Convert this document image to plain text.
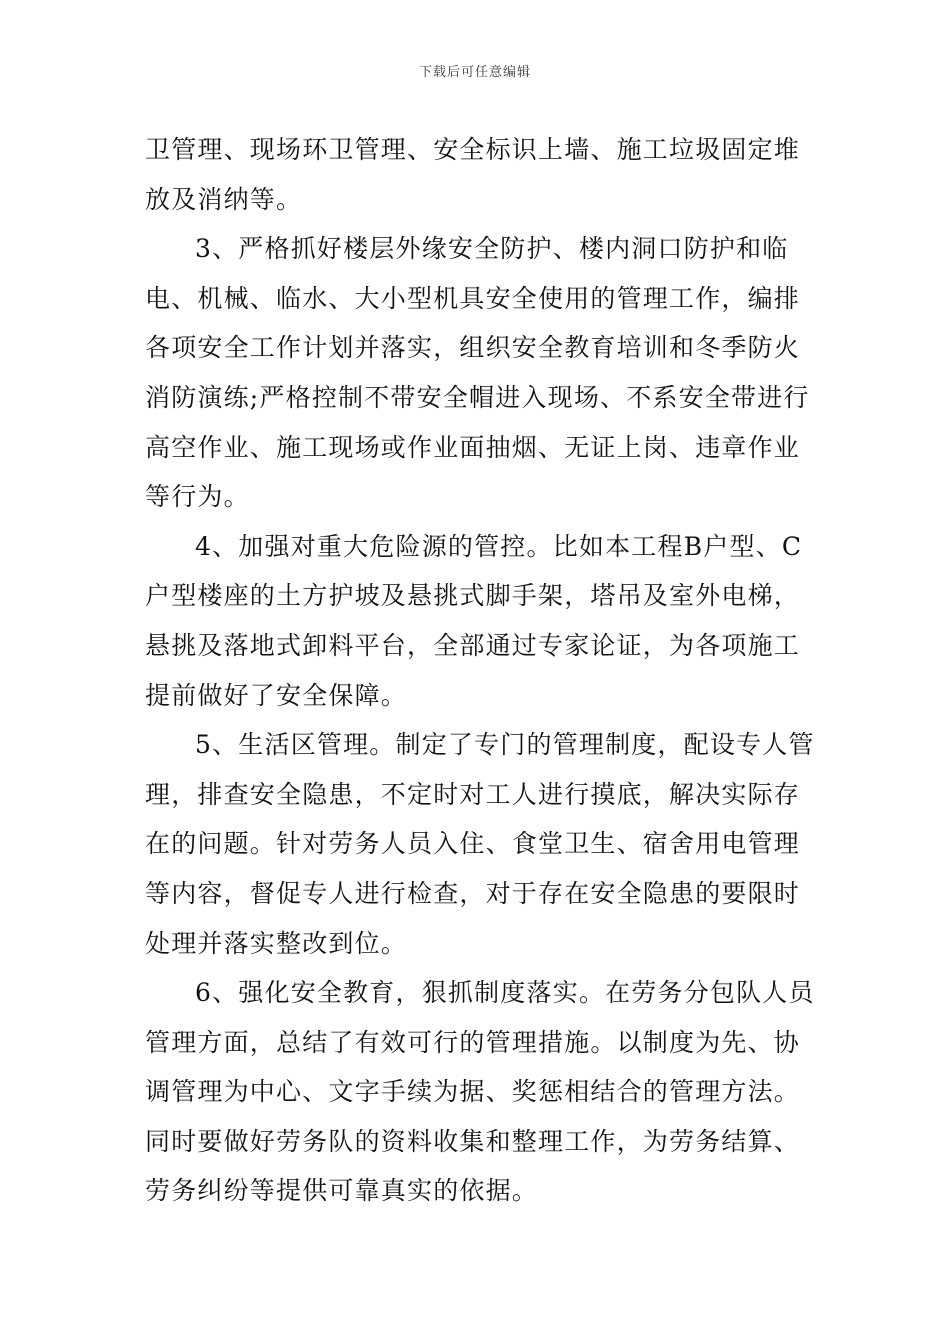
下载后可任意编辑

卫管理、现场环卫管理、安全标识上墙、施工垃圾固定堆放及消纳等。

3、严格抓好楼层外缘安全防护、楼内洞口防护和临电、机械、临水、大小型机具安全使用的管理工作，编排各项安全工作计划并落实，组织安全教育培训和冬季防火消防演练;严格控制不带安全帽进入现场、不系安全带进行高空作业、施工现场或作业面抽烟、无证上岗、违章作业等行为。

4、加强对重大危险源的管控。比如本工程B户型、C户型楼座的土方护坡及悬挑式脚手架，塔吊及室外电梯，悬挑及落地式卸料平台，全部通过专家论证，为各项施工提前做好了安全保障。

5、生活区管理。制定了专门的管理制度，配设专人管理，排查安全隐患，不定时对工人进行摸底，解决实际存在的问题。针对劳务人员入住、食堂卫生、宿舍用电管理等内容，督促专人进行检查，对于存在安全隐患的要限时处理并落实整改到位。

6、强化安全教育，狠抓制度落实。在劳务分包队人员管理方面，总结了有效可行的管理措施。以制度为先、协调管理为中心、文字手续为据、奖惩相结合的管理方法。同时要做好劳务队的资料收集和整理工作，为劳务结算、劳务纠纷等提供可靠真实的依据。
